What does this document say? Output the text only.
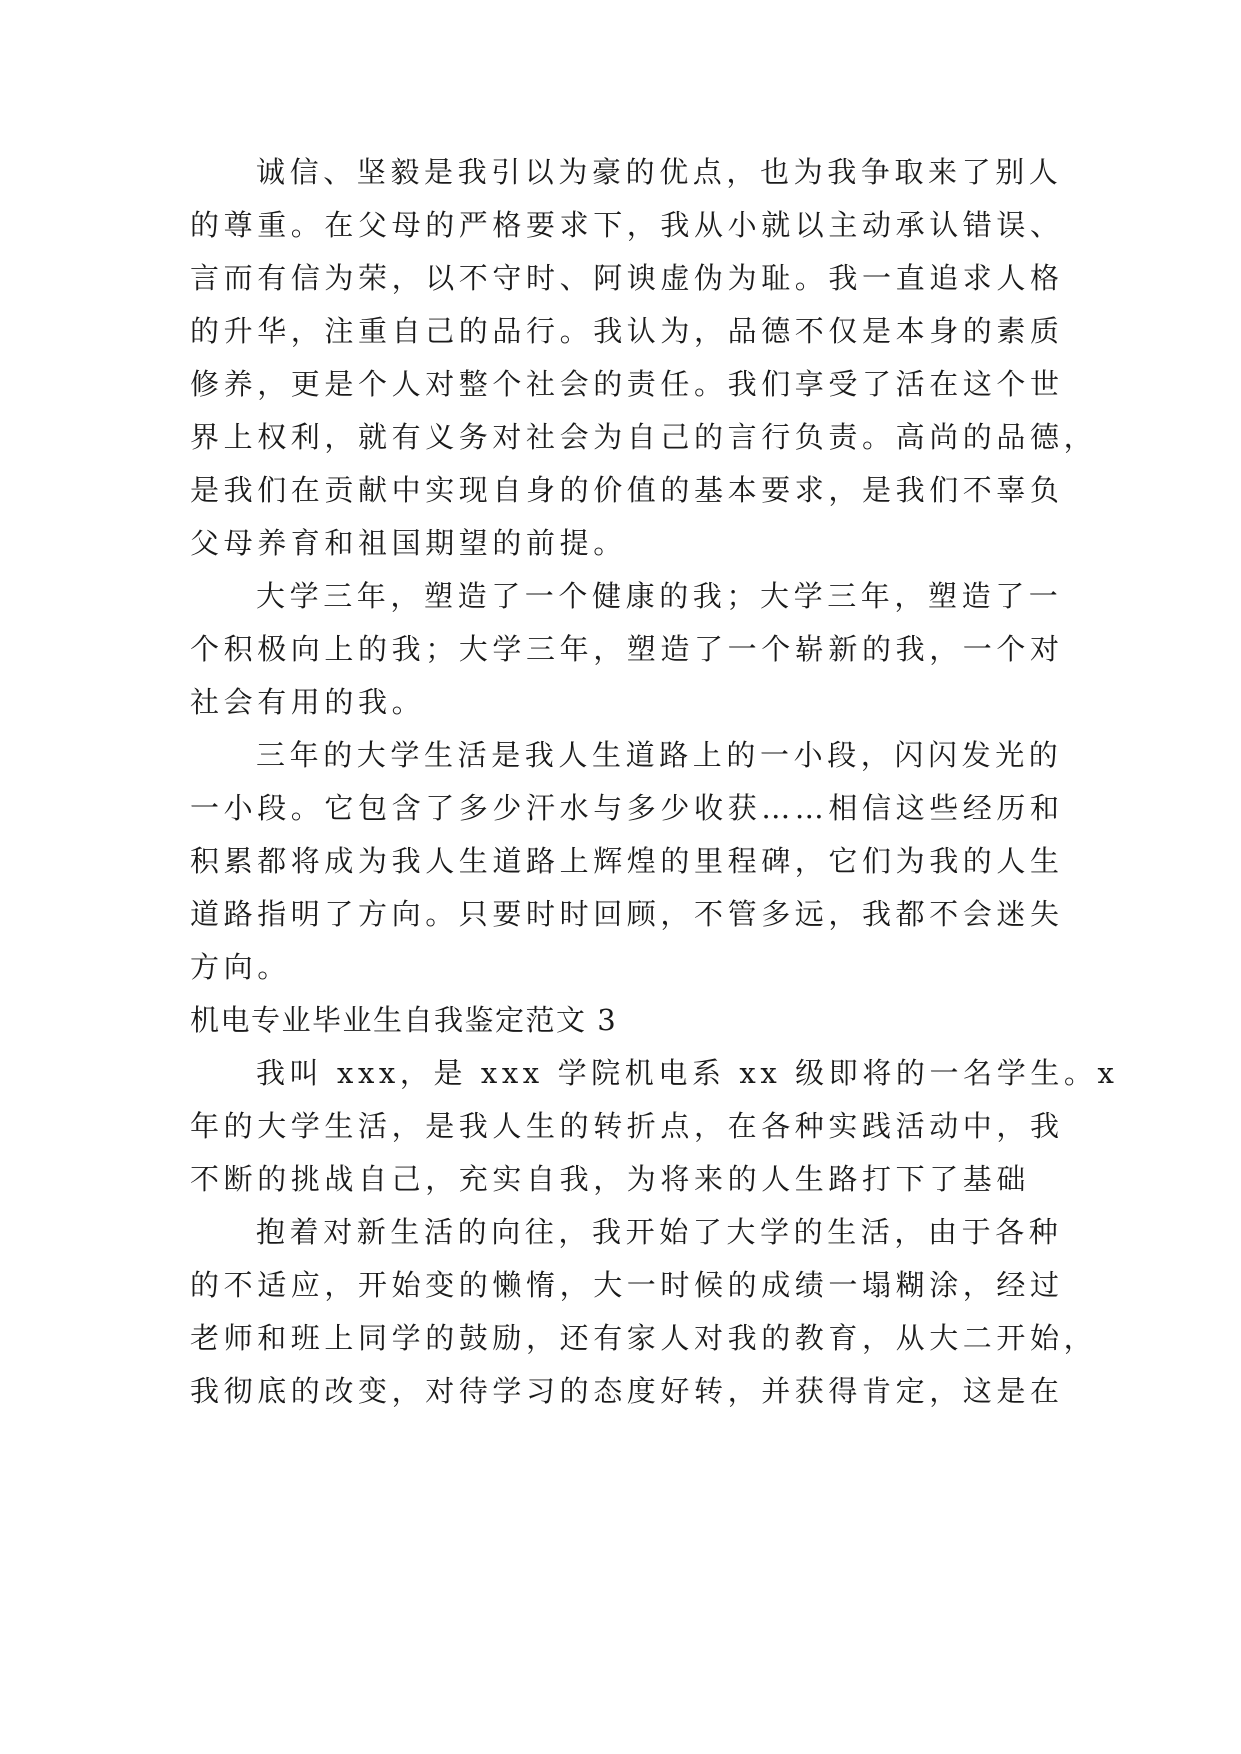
诚信、坚毅是我引以为豪的优点，也为我争取来了别人
的尊重。在父母的严格要求下，我从小就以主动承认错误、
言而有信为荣，以不守时、阿谀虚伪为耻。我一直追求人格
的升华，注重自己的品行。我认为，品德不仅是本身的素质
修养，更是个人对整个社会的责任。我们享受了活在这个世
界上权利，就有义务对社会为自己的言行负责。高尚的品德，
是我们在贡献中实现自身的价值的基本要求，是我们不辜负
父母养育和祖国期望的前提。
大学三年，塑造了一个健康的我；大学三年，塑造了一
个积极向上的我；大学三年，塑造了一个崭新的我，一个对
社会有用的我。
三年的大学生活是我人生道路上的一小段，闪闪发光的
一小段。它包含了多少汗水与多少收获……相信这些经历和
积累都将成为我人生道路上辉煌的里程碑，它们为我的人生
道路指明了方向。只要时时回顾，不管多远，我都不会迷失
方向。
机电专业毕业生自我鉴定范文 3
我叫 xxx，是 xxx 学院机电系 xx 级即将的一名学生。x
年的大学生活，是我人生的转折点，在各种实践活动中，我
不断的挑战自己，充实自我，为将来的人生路打下了基础
抱着对新生活的向往，我开始了大学的生活，由于各种
的不适应，开始变的懒惰，大一时候的成绩一塌糊涂，经过
老师和班上同学的鼓励，还有家人对我的教育，从大二开始，
我彻底的改变，对待学习的态度好转，并获得肯定，这是在
